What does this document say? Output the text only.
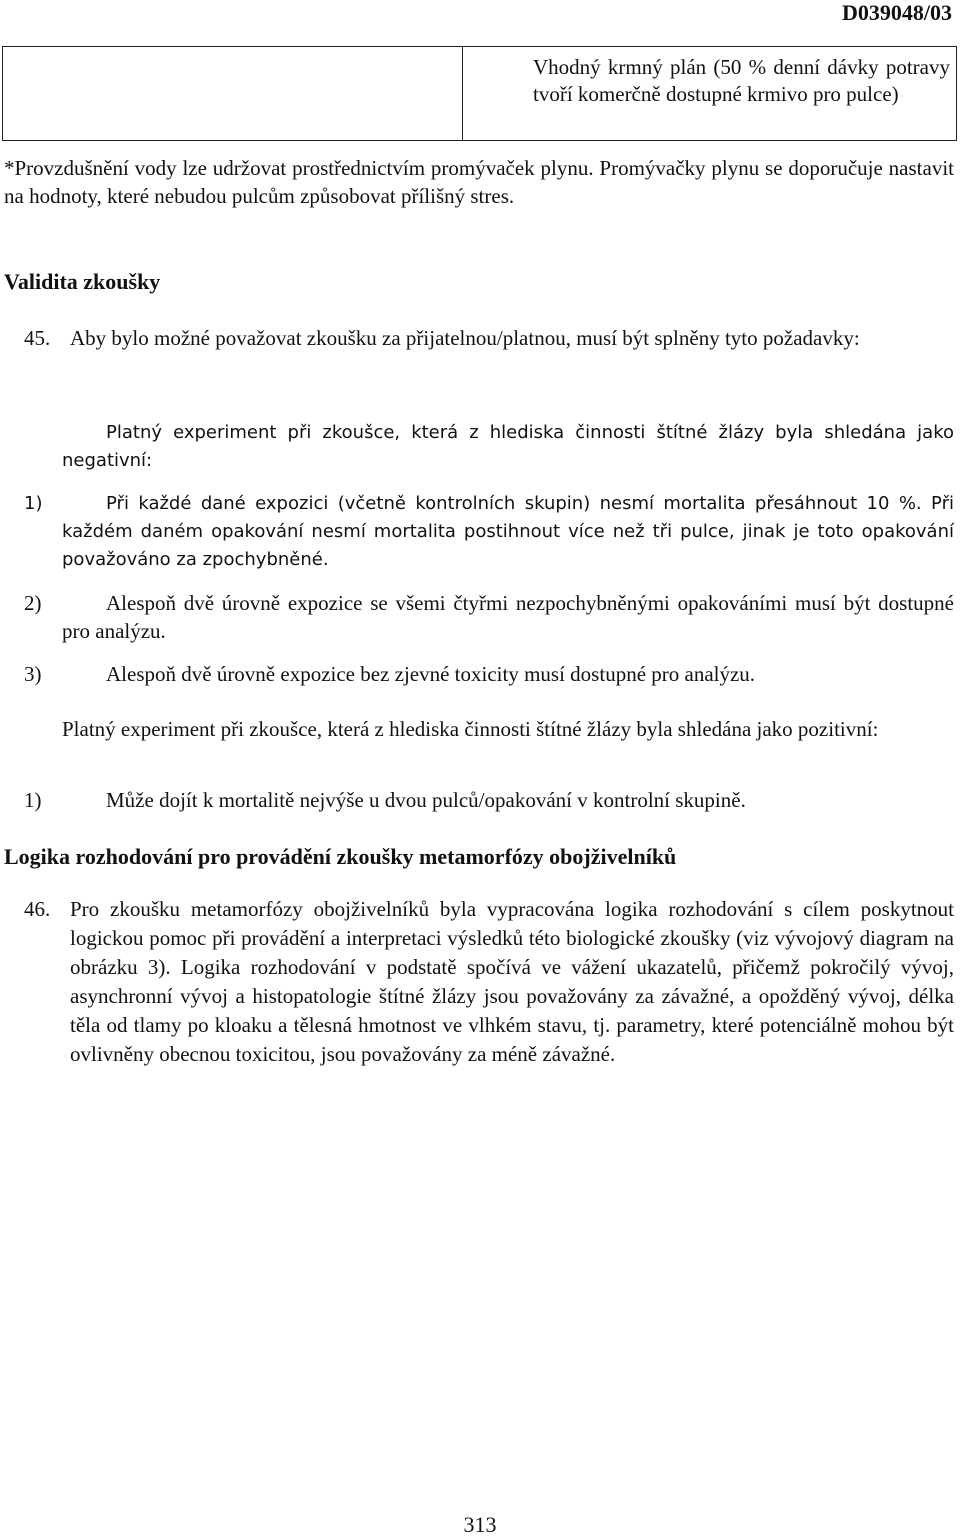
D039048/03
Vhodný krmný plán (50 % denní dávky potravy tvoří komerčně dostupné krmivo pro pulce)
*Provzdušnění vody lze udržovat prostřednictvím promývaček plynu. Promývačky plynu se doporučuje nastavit na hodnoty, které nebudou pulcům způsobovat přílišný stres.
Validita zkoušky
45. Aby bylo možné považovat zkoušku za přijatelnou/platnou, musí být splněny tyto požadavky:
Platný experiment při zkoušce, která z hlediska činnosti štítné žlázy byla shledána jako negativní:
1)	Při každé dané expozici (včetně kontrolních skupin) nesmí mortalita přesáhnout 10 %. Při každém daném opakování nesmí mortalita postihnout více než tři pulce, jinak je toto opakování považováno za zpochybněné.
2)	Alespoň dvě úrovně expozice se všemi čtyřmi nezpochybněnými opakováními musí být dostupné pro analýzu.
3)	Alespoň dvě úrovně expozice bez zjevné toxicity musí dostupné pro analýzu.
Platný experiment při zkoušce, která z hlediska činnosti štítné žlázy byla shledána jako pozitivní:
1)	Může dojít k mortalitě nejvýše u dvou pulců/opakování v kontrolní skupině.
Logika rozhodování pro provádění zkoušky metamorfózy obojživelníků
46. Pro zkoušku metamorfózy obojživelníků byla vypracována logika rozhodování s cílem poskytnout logickou pomoc při provádění a interpretaci výsledků této biologické zkoušky (viz vývojový diagram na obrázku 3). Logika rozhodování v podstatě spočívá ve vážení ukazatelů, přičemž pokročilý vývoj, asynchronní vývoj a histopatologie štítné žlázy jsou považovány za závažné, a opožděný vývoj, délka těla od tlamy po kloaku a tělesná hmotnost ve vlhkém stavu, tj. parametry, které potenciálně mohou být ovlivněny obecnou toxicitou, jsou považovány za méně závažné.
313
